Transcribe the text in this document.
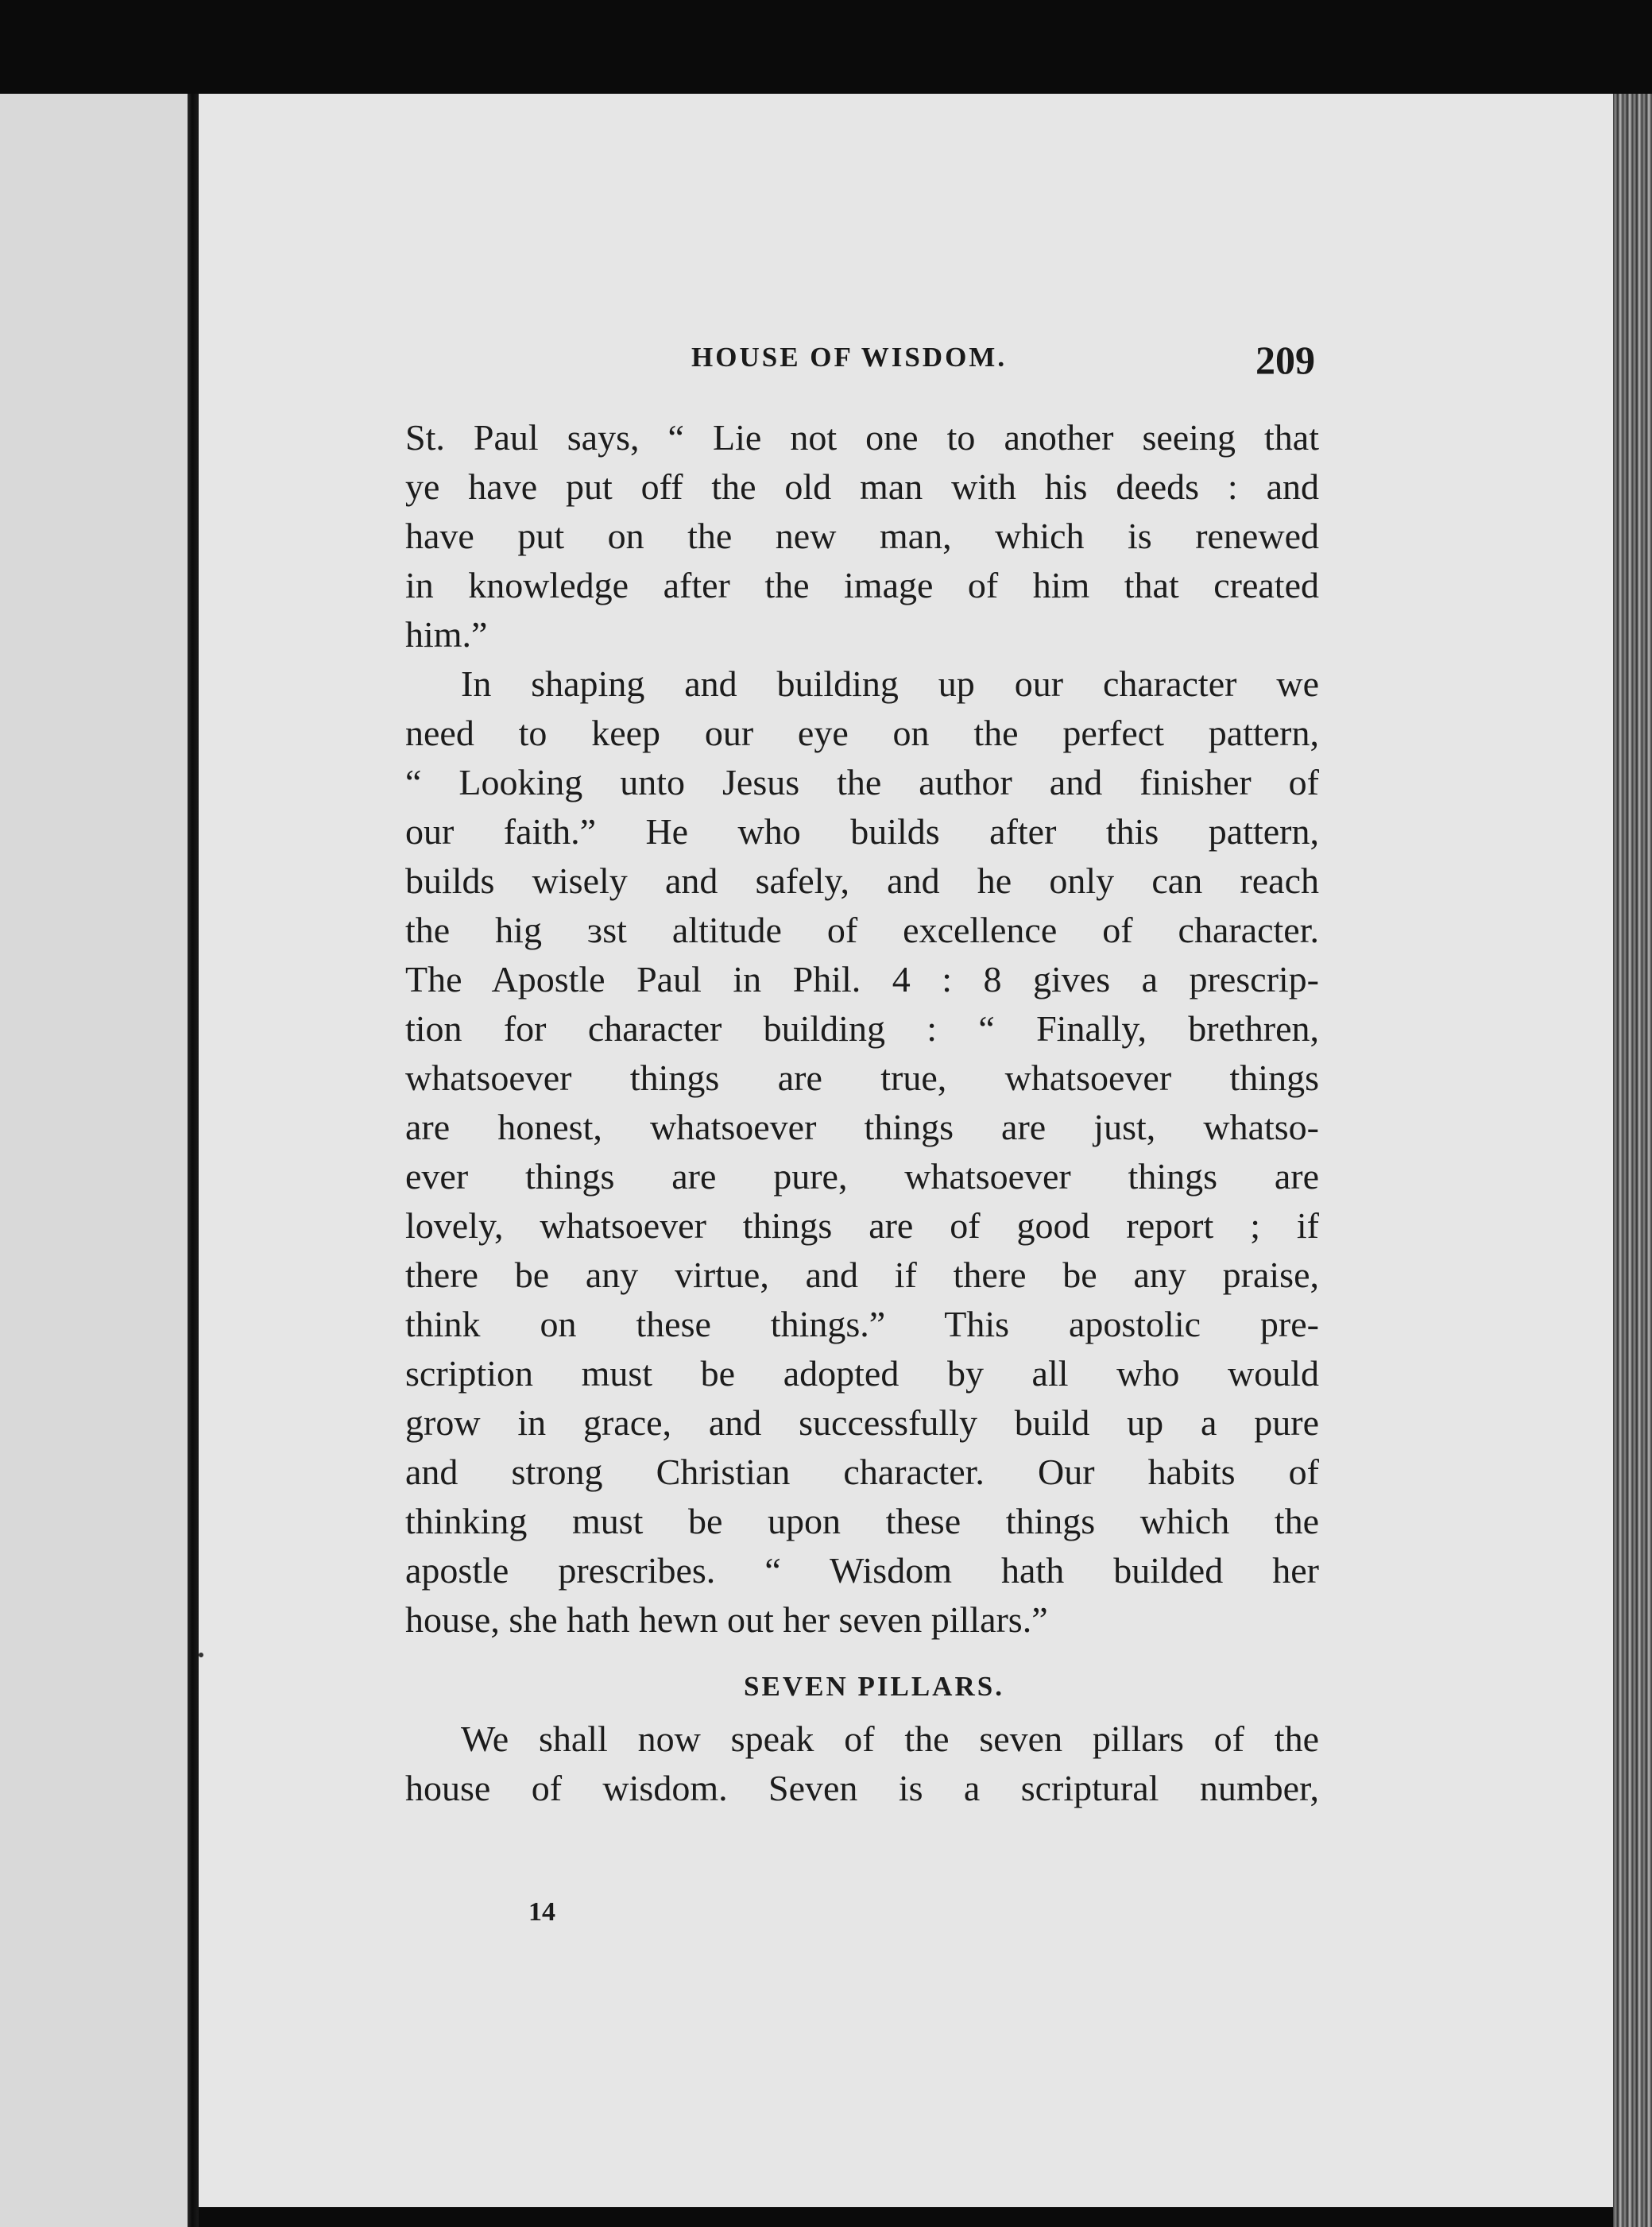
HOUSE OF WISDOM.	209
St. Paul says, “ Lie not one to another seeing that
ye have put off the old man with his deeds : and
have put on the new man, which is renewed
in knowledge after the image of him that created
him.”
In shaping and building up our character we
need to keep our eye on the perfect pattern,
“ Looking unto Jesus the author and finisher of
our faith.” He who builds after this pattern,
builds wisely and safely, and he only can reach
the hig ɜst altitude of excellence of character.
The Apostle Paul in Phil. 4 : 8 gives a prescrip-
tion for character building : “ Finally, brethren,
whatsoever things are true, whatsoever things
are honest, whatsoever things are just, whatso-
ever things are pure, whatsoever things are
lovely, whatsoever things are of good report ; if
there be any virtue, and if there be any praise,
think on these things.” This apostolic pre-
scription must be adopted by all who would
grow in grace, and successfully build up a pure
and strong Christian character. Our habits of
thinking must be upon these things which the
apostle prescribes. “ Wisdom hath builded her
house, she hath hewn out her seven pillars.”
SEVEN PILLARS.
We shall now speak of the seven pillars of the
house of wisdom. Seven is a scriptural number,
14
